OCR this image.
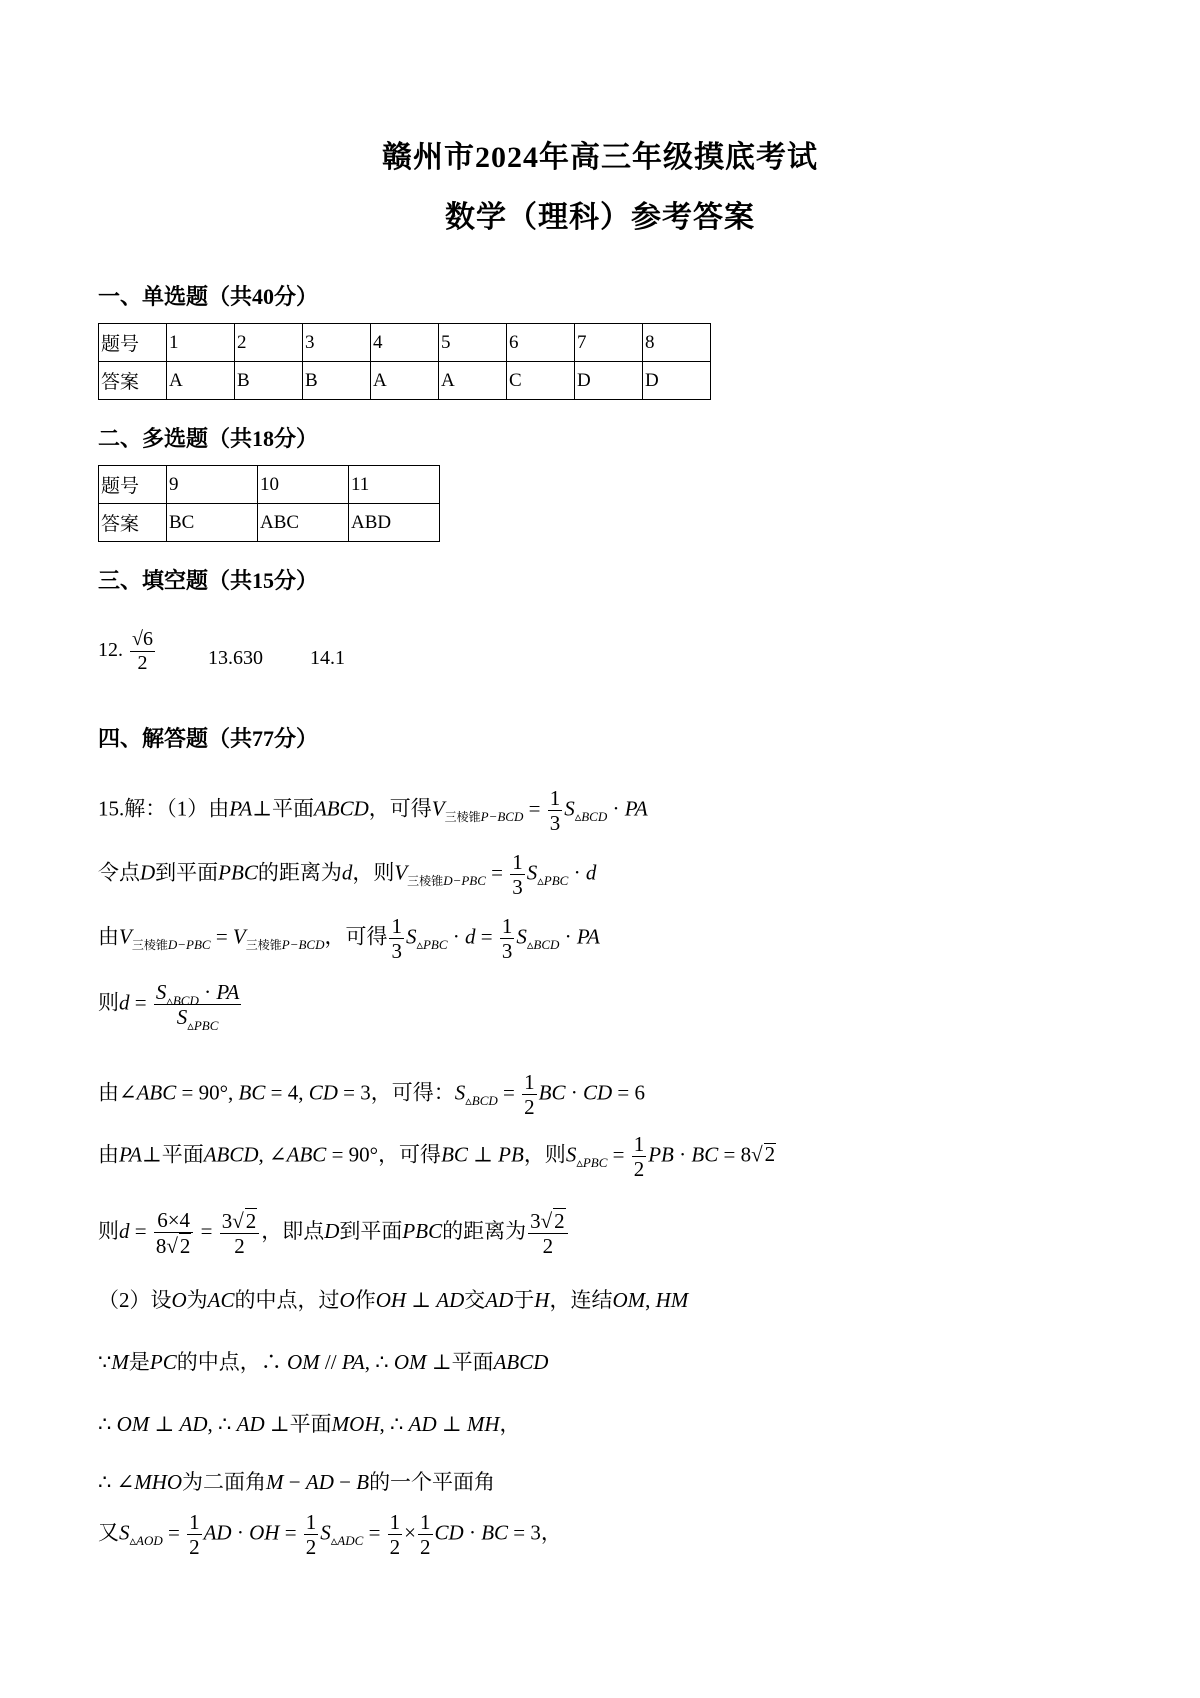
赣州市2024年高三年级摸底考试
数学（理科）参考答案
一、单选题（共40分）
题号	1	2	3	4	5	6	7	8
答案	A	B	B	A	A	C	D	D
二、多选题（共18分）
题号	9	10	11
答案	BC	ABC	ABD
三、填空题（共15分）
12. $\frac{√6}{2}$	13.630 14.1
四、解答题（共77分）
15.解：（1）由PA⊥平面ABCD，可得$V_{三棱锥P-BCD} = \frac{1}{3} S_{▵BCD}$ · PA
令点D到平面PBC的距离为d，则$V_{三棱锥D-PBC} = \frac{1}{3} S_{▵PBC} \cdot d$
由$V_{三棱锥D-PBC} = V_{三棱锥P-BCD}$，可得 $\frac{1}{3} S_{▵PBC} \cdot d = \frac{1}{3} S_{▵BCD}$ · PA
则$d = \frac{S_{▵BCD} \cdot PA}{S_{▵PBC}}$
由∠ABC = 90°, BC = 4, CD = 3，可得：$S_{▵BCD} = \frac{1}{2}$ BC · CD = 6
由PA⊥平面ABCD, ∠ABC = 90°，可得BC ⊥ PB，则$S_{▵PBC} = \frac{1}{2}$ PB · BC = 8√2
则$d = \frac{6\times 4}{8√2} = \frac{3√2}{2}$ ，即点D到平面PBC的距离为 $\frac{3√2}{2}$
（2）设O为AC的中点，过O作OH ⊥ AD交AD于H，连结OM, HM
∵M是PC的中点，∴ OM // PA, ∴ OM ⊥平面ABCD
∴ OM ⊥ AD, ∴ AD ⊥平面MOH, ∴ AD ⊥ MH，
∴ ∠MHO为二面角M − AD − B的一个平面角
又$S_{▵AOD} = \frac{1}{2}$ AD · OH = $\frac{1}{2} S_{▵ADC} = \frac{1}{2} \times \frac{1}{2}$ CD · BC = 3，
